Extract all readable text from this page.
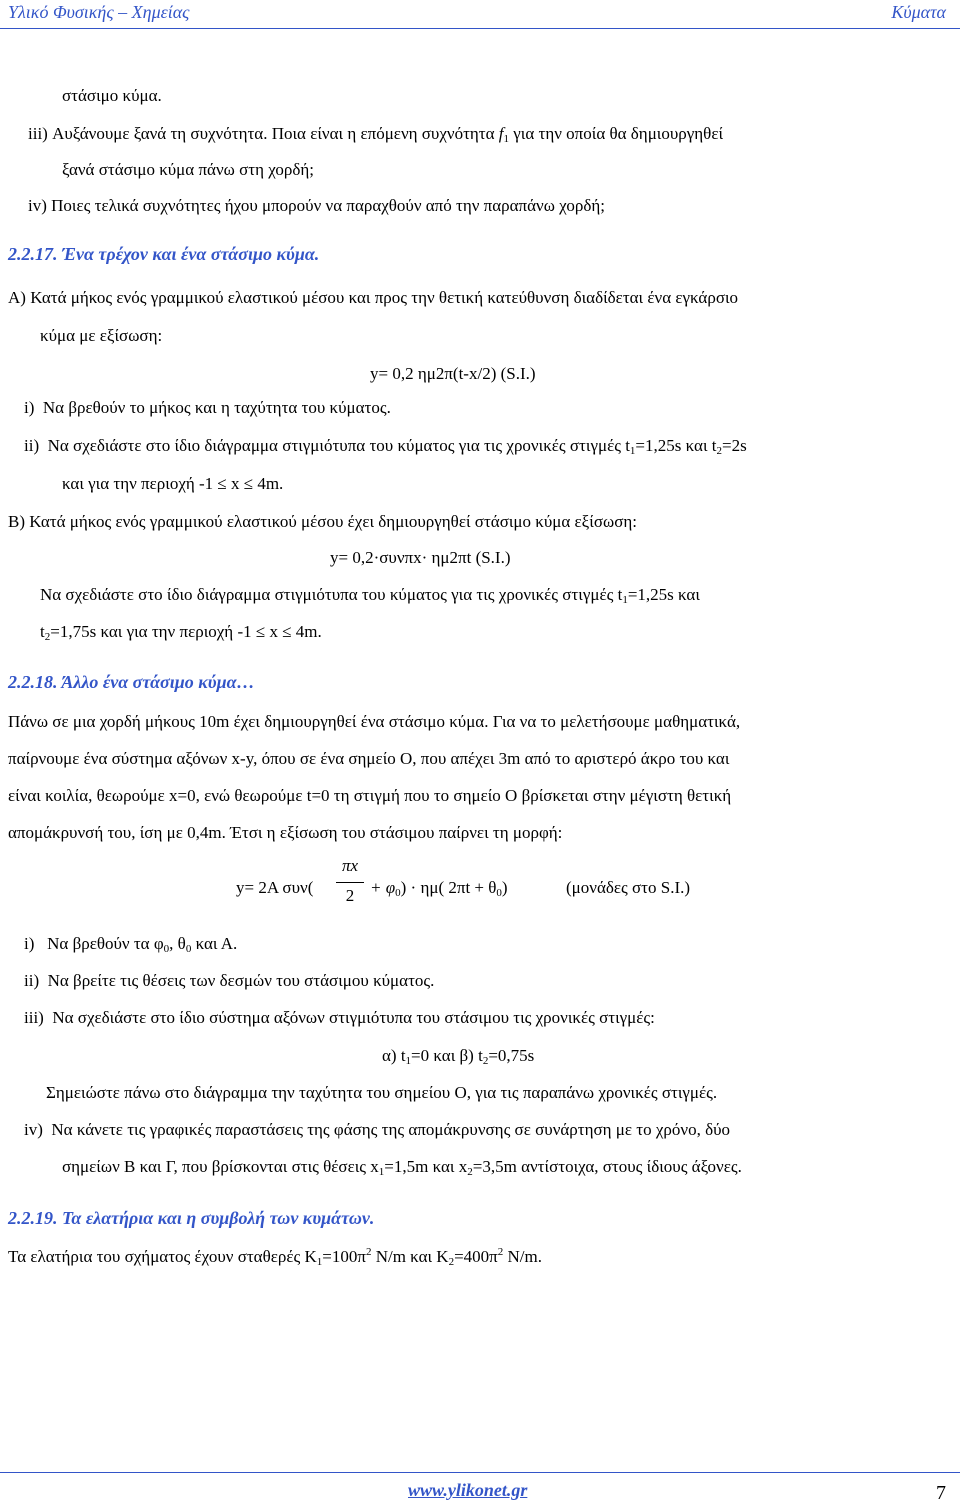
Υλικό Φυσικής – Χημείας	Κύματα
στάσιμο κύμα.
iii) Αυξάνουμε ξανά τη συχνότητα. Ποια είναι η επόμενη συχνότητα $f_1$ για την οποία θα δημιουργηθεί
ξανά στάσιμο κύμα πάνω στη χορδή;
iv) Ποιες τελικά συχνότητες ήχου μπορούν να παραχθούν από την παραπάνω χορδή;
2.2.17. Ένα τρέχον και ένα στάσιμο κύμα.
Α) Κατά μήκος ενός γραμμικού ελαστικού μέσου και προς την θετική κατεύθυνση διαδίδεται ένα εγκάρσιο
κύμα με εξίσωση:
y= 0,2 ημ2π(t-x/2) (S.I.)
i) Να βρεθούν το μήκος και η ταχύτητα του κύματος.
ii) Να σχεδιάστε στο ίδιο διάγραμμα στιγμιότυπα του κύματος για τις χρονικές στιγμές $t_1=1,25s$ και $t_2=2s$
και για την περιοχή -1 ≤ x ≤ 4m.
Β) Κατά μήκος ενός γραμμικού ελαστικού μέσου έχει δημιουργηθεί στάσιμο κύμα εξίσωση:
y= 0,2·συνπx· ημ2πt (S.I.)
Να σχεδιάστε στο ίδιο διάγραμμα στιγμιότυπα του κύματος για τις χρονικές στιγμές $t_1=1,25s$ και
$t_2=1,75s$ και για την περιοχή -1 ≤ x ≤ 4m.
2.2.18. Άλλο ένα στάσιμο κύμα…
Πάνω σε μια χορδή μήκους 10m έχει δημιουργηθεί ένα στάσιμο κύμα. Για να το μελετήσουμε μαθηματικά,
παίρνουμε ένα σύστημα αξόνων x-y, όπου σε ένα σημείο Ο, που απέχει 3m από το αριστερό άκρο του και
είναι κοιλία, θεωρούμε x=0, ενώ θεωρούμε t=0 τη στιγμή που το σημείο Ο βρίσκεται στην μέγιστη θετική
απομάκρυνσή του, ίση με 0,4m. Έτσι η εξίσωση του στάσιμου παίρνει τη μορφή:
y= 2A συν(
πx
$2 + \varphi_0) \cdot \eta\mu$( $2\pi t + \theta_0$)	(μονάδες στο S.I.)
i) Να βρεθούν τα $\varphi_0$, $\theta_0$ και Α.
ii) Να βρείτε τις θέσεις των δεσμών του στάσιμου κύματος.
iii) Να σχεδιάστε στο ίδιο σύστημα αξόνων στιγμιότυπα του στάσιμου τις χρονικές στιγμές:
α) $t_1=0$ και β) $t_2=0,75s$
Σημειώστε πάνω στο διάγραμμα την ταχύτητα του σημείου Ο, για τις παραπάνω χρονικές στιγμές.
iv) Να κάνετε τις γραφικές παραστάσεις της φάσης της απομάκρυνσης σε συνάρτηση με το χρόνο, δύο
σημείων Β και Γ, που βρίσκονται στις θέσεις $x_1=1,5m$ και $x_2=3,5m$ αντίστοιχα, στους ίδιους άξονες.
2.2.19. Τα ελατήρια και η συμβολή των κυμάτων.
Τα ελατήρια του σχήματος έχουν σταθερές $K_1=100\pi^2$ N/m και $K_2=400\pi^2$ N/m.
www.ylikonet.gr	7
